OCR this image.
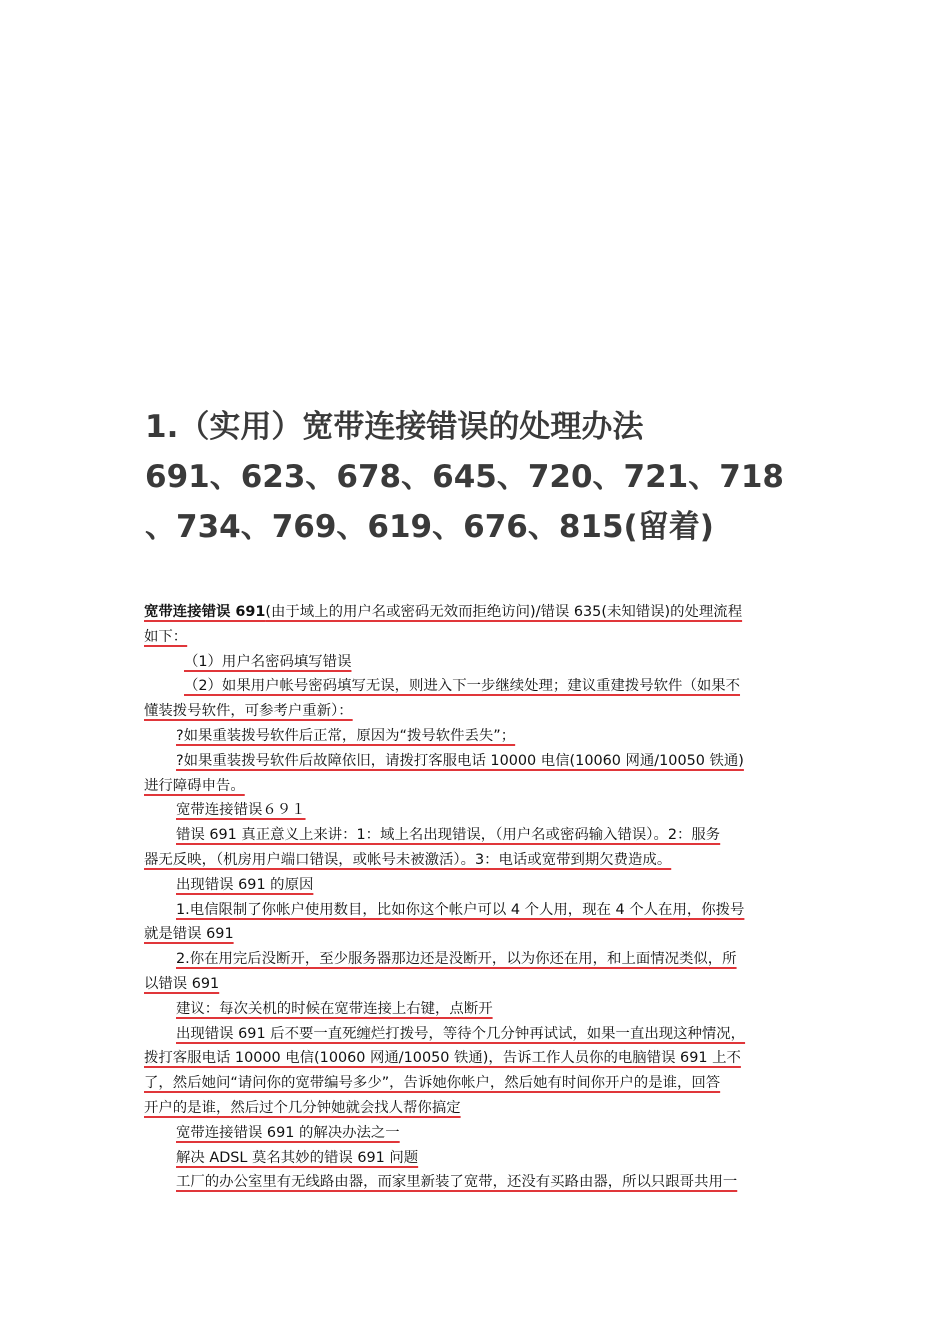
1.（实用）宽带连接错误的处理办法
691、623、678、645、720、721、718
、734、769、619、676、815(留着)
宽带连接错误 691(由于域上的用户名或密码无效而拒绝访问)/错误 635(未知错误)的处理流程
如下：
（1）用户名密码填写错误
（2）如果用户帐号密码填写无误，则进入下一步继续处理；建议重建拨号软件（如果不
懂装拨号软件，可参考户重新）：
?如果重装拨号软件后正常，原因为“拨号软件丢失”；
?如果重装拨号软件后故障依旧，请拨打客服电话 10000 电信(10060 网通/10050 铁通)
进行障碍申告。
宽带连接错误６９１
错误 691 真正意义上来讲：1：域上名出现错误，（用户名或密码输入错误）。2：服务
器无反映，（机房用户端口错误，或帐号未被激活）。3：电话或宽带到期欠费造成。
出现错误 691 的原因
1.电信限制了你帐户使用数目，比如你这个帐户可以 4 个人用，现在 4 个人在用，你拨号
就是错误 691
2.你在用完后没断开，至少服务器那边还是没断开，以为你还在用，和上面情况类似，所
以错误 691
建议：每次关机的时候在宽带连接上右键，点断开
出现错误 691 后不要一直死缠烂打拨号，等待个几分钟再试试，如果一直出现这种情况，
拨打客服电话 10000 电信(10060 网通/10050 铁通)，告诉工作人员你的电脑错误 691 上不
了，然后她问“请问你的宽带编号多少”，告诉她你帐户，然后她有时间你开户的是谁，回答
开户的是谁，然后过个几分钟她就会找人帮你搞定
宽带连接错误 691 的解决办法之一
解决 ADSL 莫名其妙的错误 691 问题
工厂的办公室里有无线路由器，而家里新装了宽带，还没有买路由器，所以只跟哥共用一
